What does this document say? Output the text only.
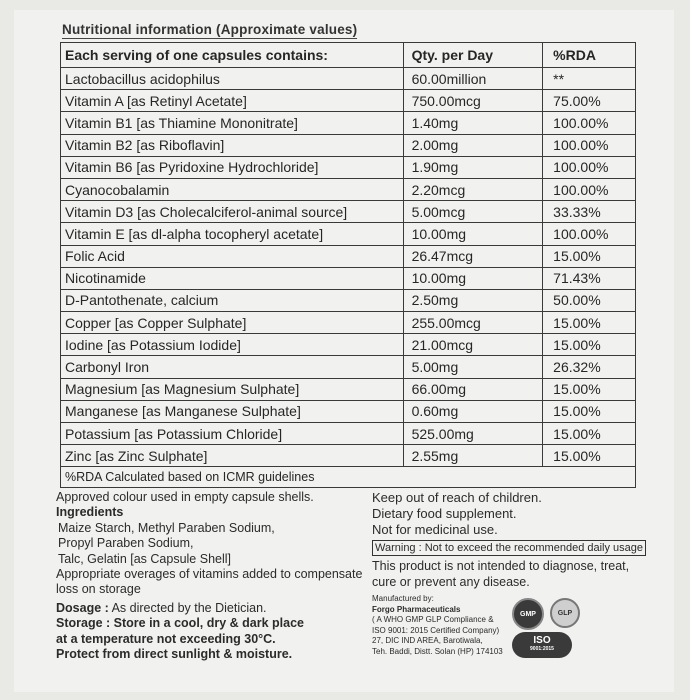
Nutritional information (Approximate values)
Each serving of one capsules contains:	Qty. per Day	%RDA
Lactobacillus acidophilus	60.00million	**
Vitamin A [as Retinyl Acetate]	750.00mcg	75.00%
Vitamin B1 [as Thiamine Mononitrate]	1.40mg	100.00%
Vitamin B2 [as Riboflavin]	2.00mg	100.00%
Vitamin B6 [as Pyridoxine Hydrochloride]	1.90mg	100.00%
Cyanocobalamin	2.20mcg	100.00%
Vitamin D3 [as Cholecalciferol-animal source]	5.00mcg	33.33%
Vitamin E [as dl-alpha tocopheryl acetate]	10.00mg	100.00%
Folic Acid	26.47mcg	15.00%
Nicotinamide	10.00mg	71.43%
D-Pantothenate, calcium	2.50mg	50.00%
Copper [as Copper Sulphate]	255.00mcg	15.00%
Iodine [as Potassium Iodide]	21.00mcg	15.00%
Carbonyl Iron	5.00mg	26.32%
Magnesium [as Magnesium Sulphate]	66.00mg	15.00%
Manganese [as Manganese Sulphate]	0.60mg	15.00%
Potassium [as Potassium Chloride]	525.00mg	15.00%
Zinc [as Zinc Sulphate]	2.55mg	15.00%
%RDA Calculated based on ICMR guidelines		
Approved colour used in empty capsule shells.
Ingredients
Maize Starch, Methyl Paraben Sodium,
Propyl Paraben Sodium,
Talc, Gelatin [as Capsule Shell]
Appropriate overages of vitamins added to compensate
loss on storage
Dosage : As directed by the Dietician.
Storage : Store in a cool, dry & dark place
at a temperature not exceeding 30°C.
Protect from direct sunlight & moisture.
Keep out of reach of children.
Dietary food supplement.
Not for medicinal use.
Warning : Not to exceed the recommended daily usage
This product is not intended to diagnose, treat,
cure or prevent any disease.
Manufactured by:
Forgo Pharmaceuticals
( A WHO GMP GLP Compliance &
ISO 9001: 2015 Certified Company)
27, DIC IND AREA, Barotiwala,
Teh. Baddi, Distt. Solan (HP) 174103
GMP	GLP
ISO
9001:2015
